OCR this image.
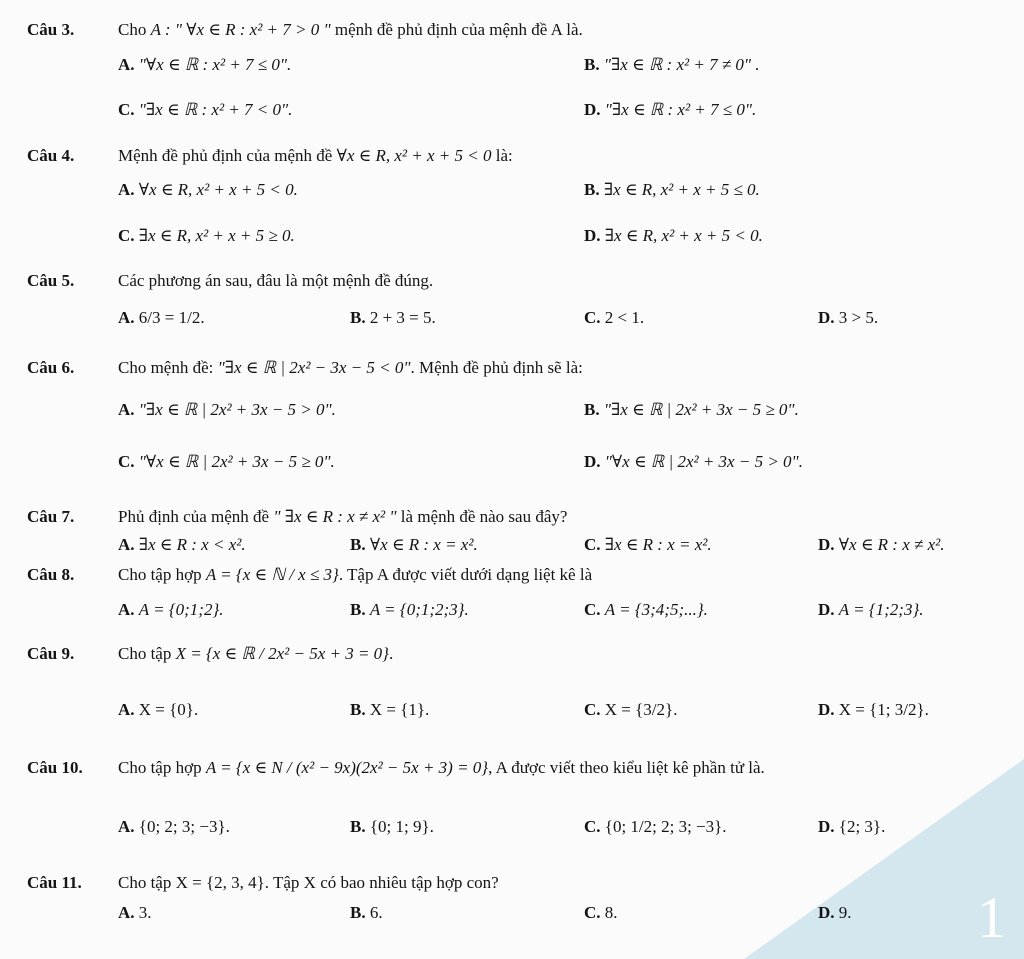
1
Câu 3.	Cho A : " ∀x ∈ R : x² + 7 > 0 " mệnh đề phủ định của mệnh đề A là.
A. "∀x ∈ ℝ : x² + 7 ≤ 0".	B. "∃x ∈ ℝ : x² + 7 ≠ 0" .
C. "∃x ∈ ℝ : x² + 7 < 0".	D. "∃x ∈ ℝ : x² + 7 ≤ 0".
Câu 4.	Mệnh đề phủ định của mệnh đề ∀x ∈ R, x² + x + 5 < 0 là:
A. ∀x ∈ R, x² + x + 5 < 0.	B. ∃x ∈ R, x² + x + 5 ≤ 0.
C. ∃x ∈ R, x² + x + 5 ≥ 0.	D. ∃x ∈ R, x² + x + 5 < 0.
Câu 5.	Các phương án sau, đâu là một mệnh đề đúng.
A. 6/3 = 1/2.	B. 2 + 3 = 5.	C. 2 < 1.	D. 3 > 5.
Câu 6.	Cho mệnh đề: "∃x ∈ ℝ | 2x² − 3x − 5 < 0". Mệnh đề phủ định sẽ là:
A. "∃x ∈ ℝ | 2x² + 3x − 5 > 0".	B. "∃x ∈ ℝ | 2x² + 3x − 5 ≥ 0".
C. "∀x ∈ ℝ | 2x² + 3x − 5 ≥ 0".	D. "∀x ∈ ℝ | 2x² + 3x − 5 > 0".
Câu 7.	Phủ định của mệnh đề " ∃x ∈ R : x ≠ x² " là mệnh đề nào sau đây?
A. ∃x ∈ R : x < x².	B. ∀x ∈ R : x = x².	C. ∃x ∈ R : x = x².	D. ∀x ∈ R : x ≠ x².
Câu 8.	Cho tập hợp A = {x ∈ ℕ / x ≤ 3}. Tập A được viết dưới dạng liệt kê là
A. A = {0;1;2}.	B. A = {0;1;2;3}.	C. A = {3;4;5;...}.	D. A = {1;2;3}.
Câu 9.	Cho tập X = {x ∈ ℝ / 2x² − 5x + 3 = 0}.
A. X = {0}.	B. X = {1}.	C. X = {3/2}.	D. X = {1; 3/2}.
Câu 10. Cho tập hợp A = {x ∈ N / (x² − 9x)(2x² − 5x + 3) = 0}, A được viết theo kiểu liệt kê phần tử là.
A. {0; 2; 3; −3}.	B. {0; 1; 9}.	C. {0; 1/2; 2; 3; −3}.	D. {2; 3}.
Câu 11. Cho tập X = {2, 3, 4}. Tập X có bao nhiêu tập hợp con?
A. 3.	B. 6.	C. 8.	D. 9.
